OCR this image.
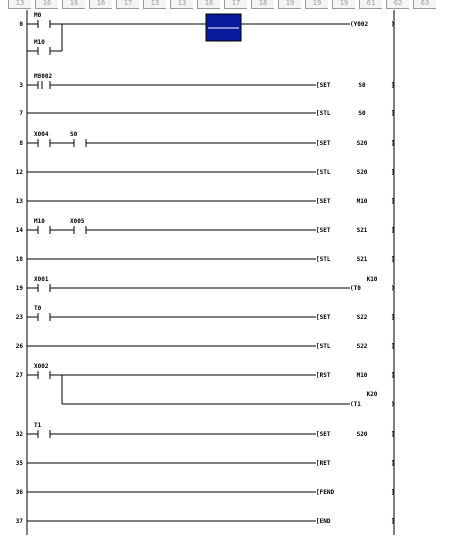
13	16	16	16	17	13	13	16	17	18	19	19	19	61	62	63
0
M0
(Y002	)
M10
3
M8002
[SET	S0	]
7	[STL	S0	]
8
X004	S0
[SET	S20	]
12	[STL	S20	]
13	[SET	M10	]
14
M10	X005
[SET	S21	]
18	[STL	S21	]
19
X001
(T0	)
K10
23
T0
[SET	S22	]
26	[STL	S22	]
27
X002
[RST	M10	]
(T1	)
K20
32
T1
[SET	S20	]
35	[RET	]
36	[FEND	]
37	[END	]
